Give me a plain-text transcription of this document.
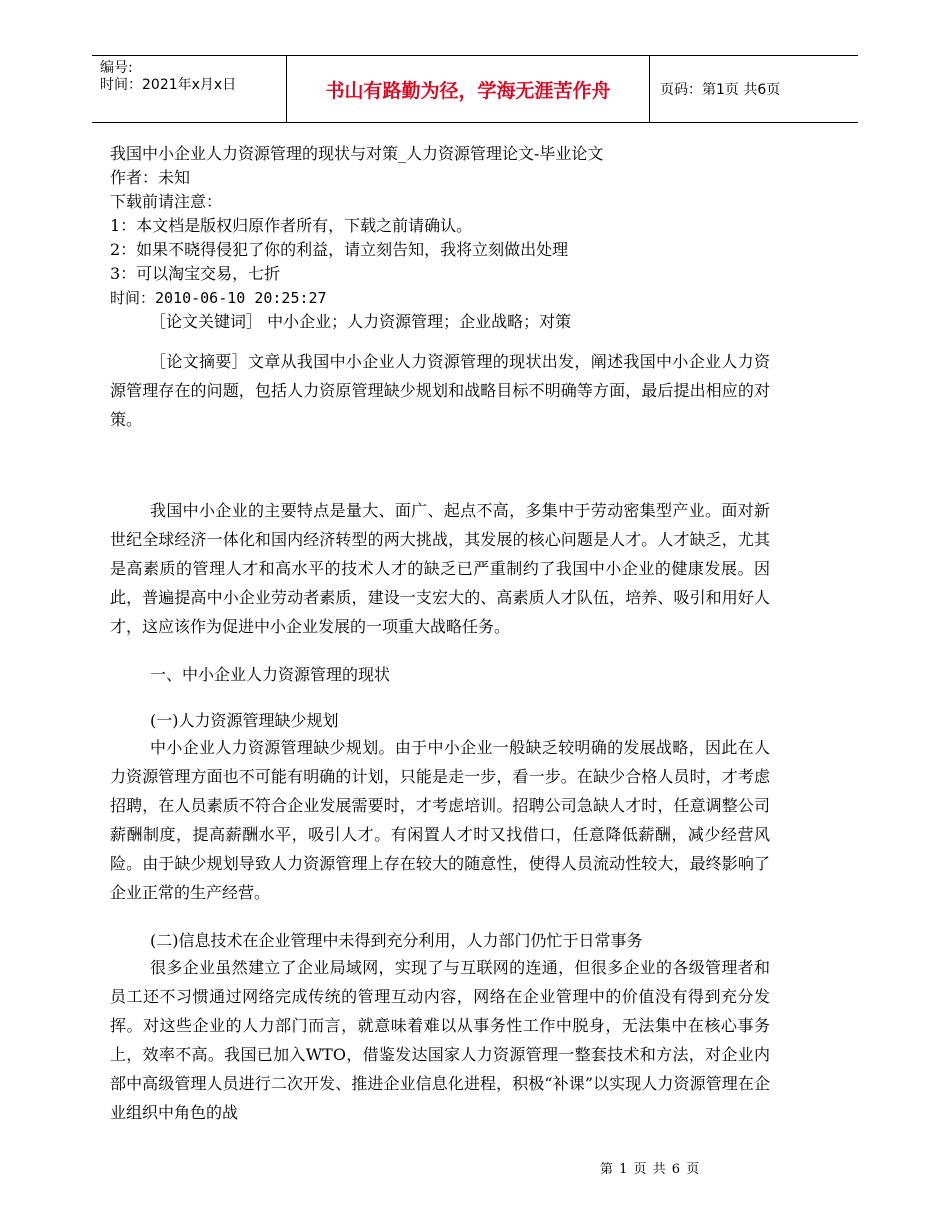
编号:
时间：2021年x月x日	书山有路勤为径，学海无涯苦作舟	页码：第1页 共6页
我国中小企业人力资源管理的现状与对策_人力资源管理论文-毕业论文
作者：未知
下载前请注意：
1：本文档是版权归原作者所有，下载之前请确认。
2：如果不晓得侵犯了你的利益，请立刻告知，我将立刻做出处理
3：可以淘宝交易，七折
时间：2010-06-10 20:25:27
［论文关键词］ 中小企业；人力资源管理；企业战略；对策

［论文摘要］文章从我国中小企业人力资源管理的现状出发，阐述我国中小企业人力资源管理存在的问题，包括人力资原管理缺少规划和战略目标不明确等方面，最后提出相应的对策。

我国中小企业的主要特点是量大、面广、起点不高，多集中于劳动密集型产业。面对新世纪全球经济一体化和国内经济转型的两大挑战，其发展的核心问题是人才。人才缺乏，尤其是高素质的管理人才和高水平的技术人才的缺乏已严重制约了我国中小企业的健康发展。因此，普遍提高中小企业劳动者素质，建设一支宏大的、高素质人才队伍，培养、吸引和用好人才，这应该作为促进中小企业发展的一项重大战略任务。

一、中小企业人力资源管理的现状
(一)人力资源管理缺少规划

中小企业人力资源管理缺少规划。由于中小企业一般缺乏较明确的发展战略，因此在人力资源管理方面也不可能有明确的计划，只能是走一步，看一步。在缺少合格人员时，才考虑招聘，在人员素质不符合企业发展需要时，才考虑培训。招聘公司急缺人才时，任意调整公司薪酬制度，提高薪酬水平，吸引人才。有闲置人才时又找借口，任意降低薪酬，减少经营风险。由于缺少规划导致人力资源管理上存在较大的随意性，使得人员流动性较大，最终影响了企业正常的生产经营。

(二)信息技术在企业管理中未得到充分利用，人力部门仍忙于日常事务

很多企业虽然建立了企业局域网，实现了与互联网的连通，但很多企业的各级管理者和员工还不习惯通过网络完成传统的管理互动内容，网络在企业管理中的价值没有得到充分发挥。对这些企业的人力部门而言，就意味着难以从事务性工作中脱身，无法集中在核心事务上，效率不高。我国已加入WTO，借鉴发达国家人力资源管理一整套技术和方法，对企业内部中高级管理人员进行二次开发、推进企业信息化进程，积极“补课”以实现人力资源管理在企业组织中角色的战

第 1 页 共 6 页
